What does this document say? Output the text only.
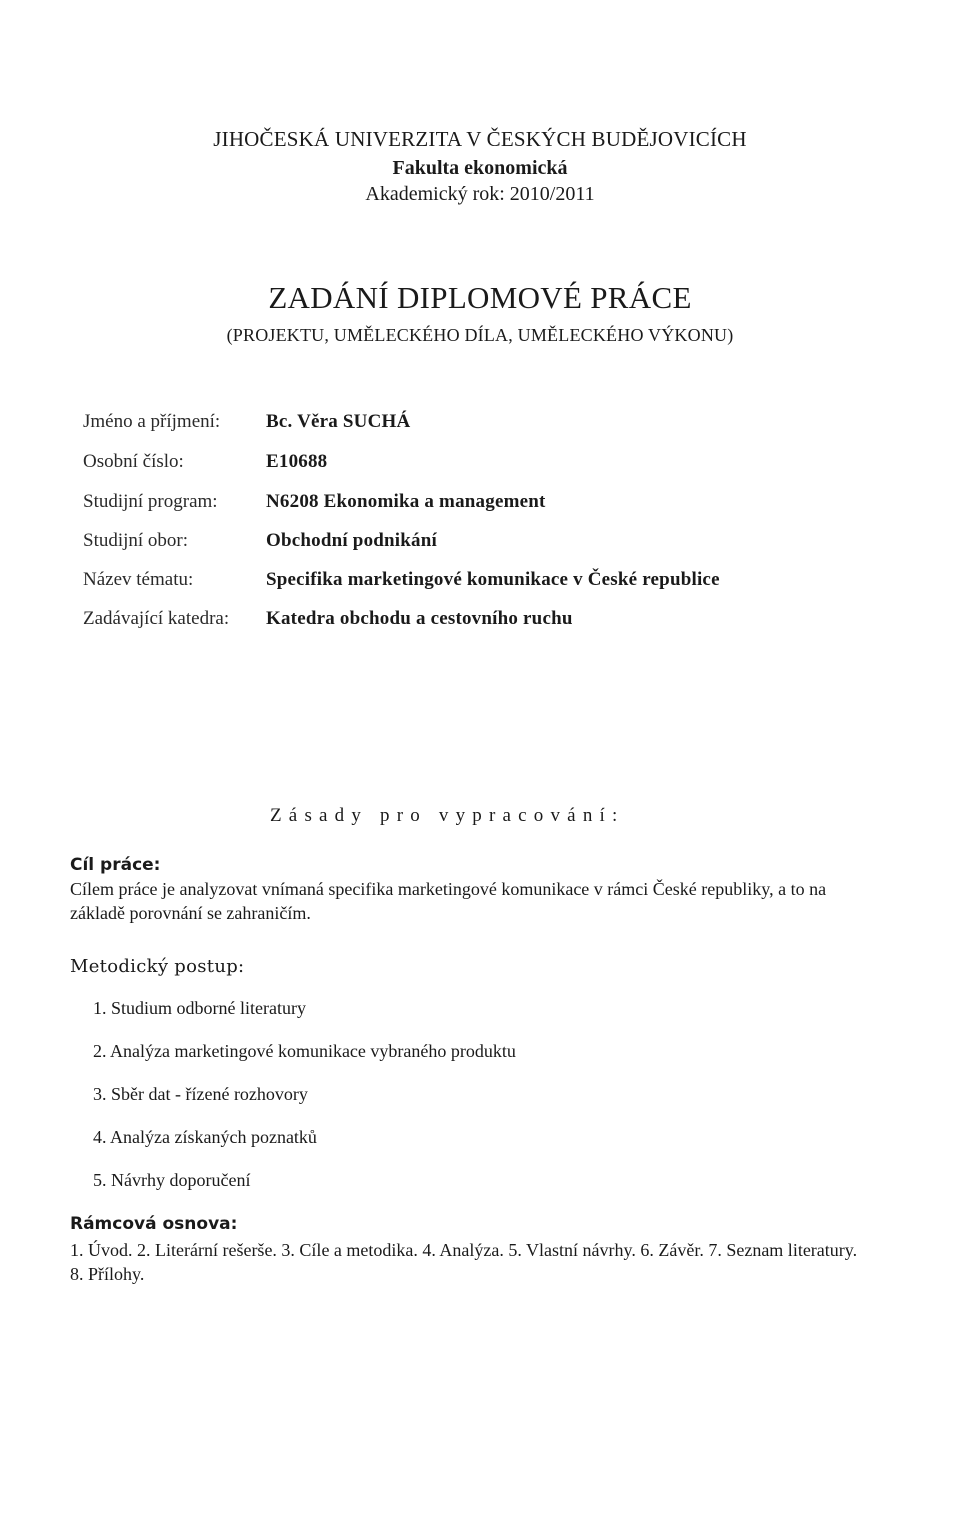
JIHOČESKÁ UNIVERZITA V ČESKÝCH BUDĚJOVICÍCH
Fakulta ekonomická
Akademický rok: 2010/2011
ZADÁNÍ DIPLOMOVÉ PRÁCE
(PROJEKTU, UMĚLECKÉHO DÍLA, UMĚLECKÉHO VÝKONU)
Jméno a příjmení: Bc. Věra SUCHÁ
Osobní číslo:	E10688
Studijní program:	N6208 Ekonomika a management
Studijní obor:	Obchodní podnikání
Název tématu:	Specifika marketingové komunikace v České republice
Zadávající katedra: Katedra obchodu a cestovního ruchu
Zásady pro vypracování:
Cíl práce:
Cílem práce je analyzovat vnímaná specifika marketingové komunikace v rámci České republiky, a to na základě porovnání se zahraničím.
Metodický postup:
1. Studium odborné literatury
2. Analýza marketingové komunikace vybraného produktu
3. Sběr dat - řízené rozhovory
4. Analýza získaných poznatků
5. Návrhy doporučení
Rámcová osnova:
1. Úvod. 2. Literární rešerše. 3. Cíle a metodika. 4. Analýza. 5. Vlastní návrhy. 6. Závěr. 7. Seznam literatury. 8. Přílohy.
